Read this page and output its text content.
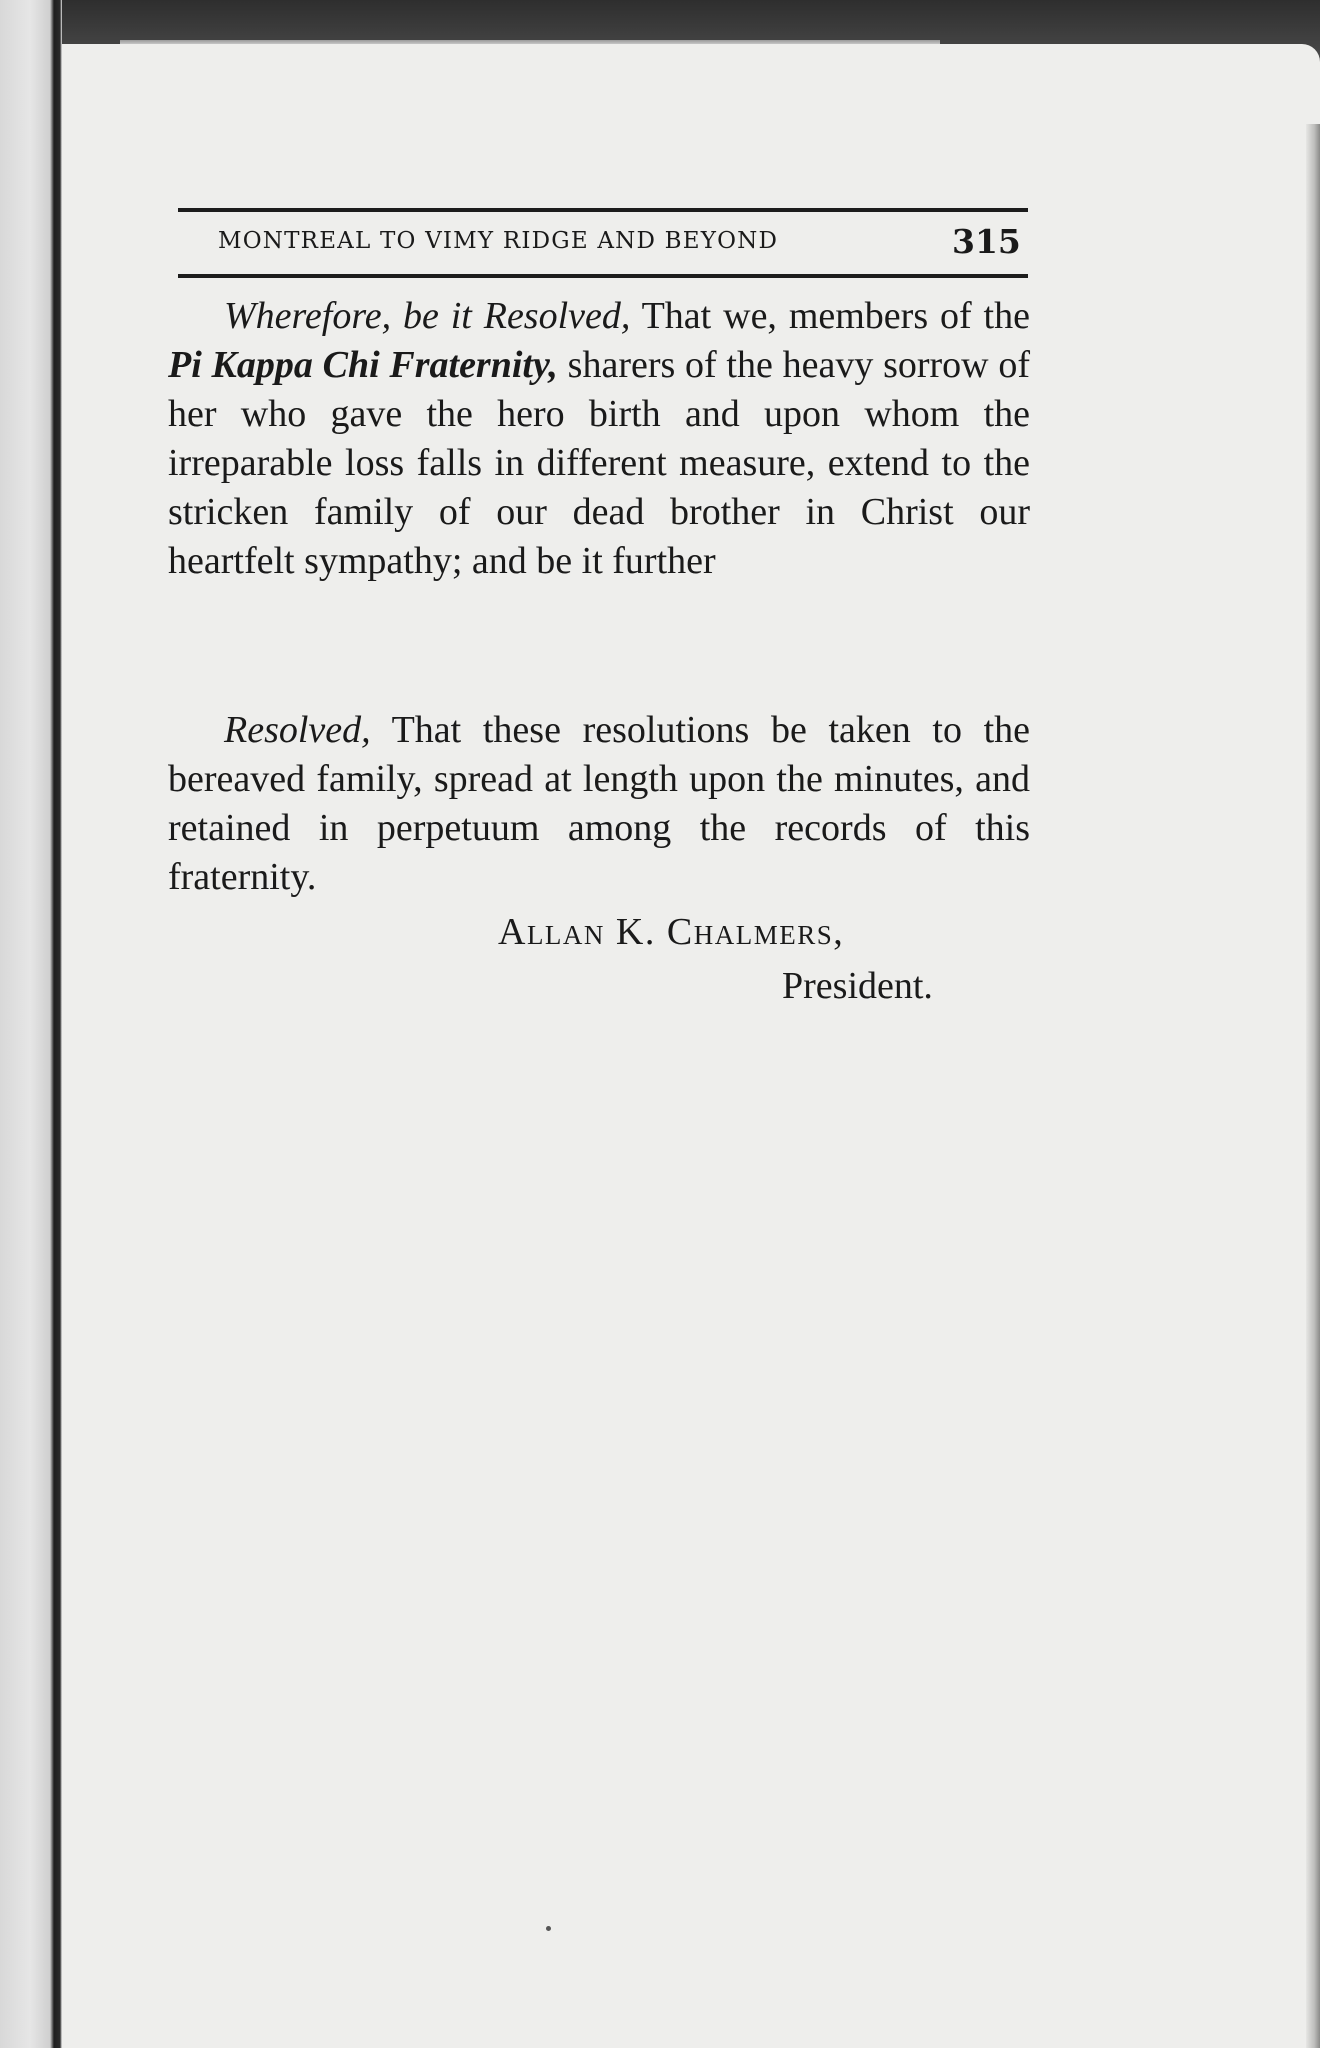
MONTREAL TO VIMY RIDGE AND BEYOND	315

Wherefore, be it Resolved, That we, members of the Pi Kappa Chi Fraternity, sharers of the heavy sorrow of her who gave the hero birth and upon whom the irreparable loss falls in different measure, extend to the stricken family of our dead brother in Christ our heartfelt sympathy; and be it further

Resolved, That these resolutions be taken to the bereaved family, spread at length upon the minutes, and retained in perpetuum among the records of this fraternity.

Allan K. Chalmers,
President.
